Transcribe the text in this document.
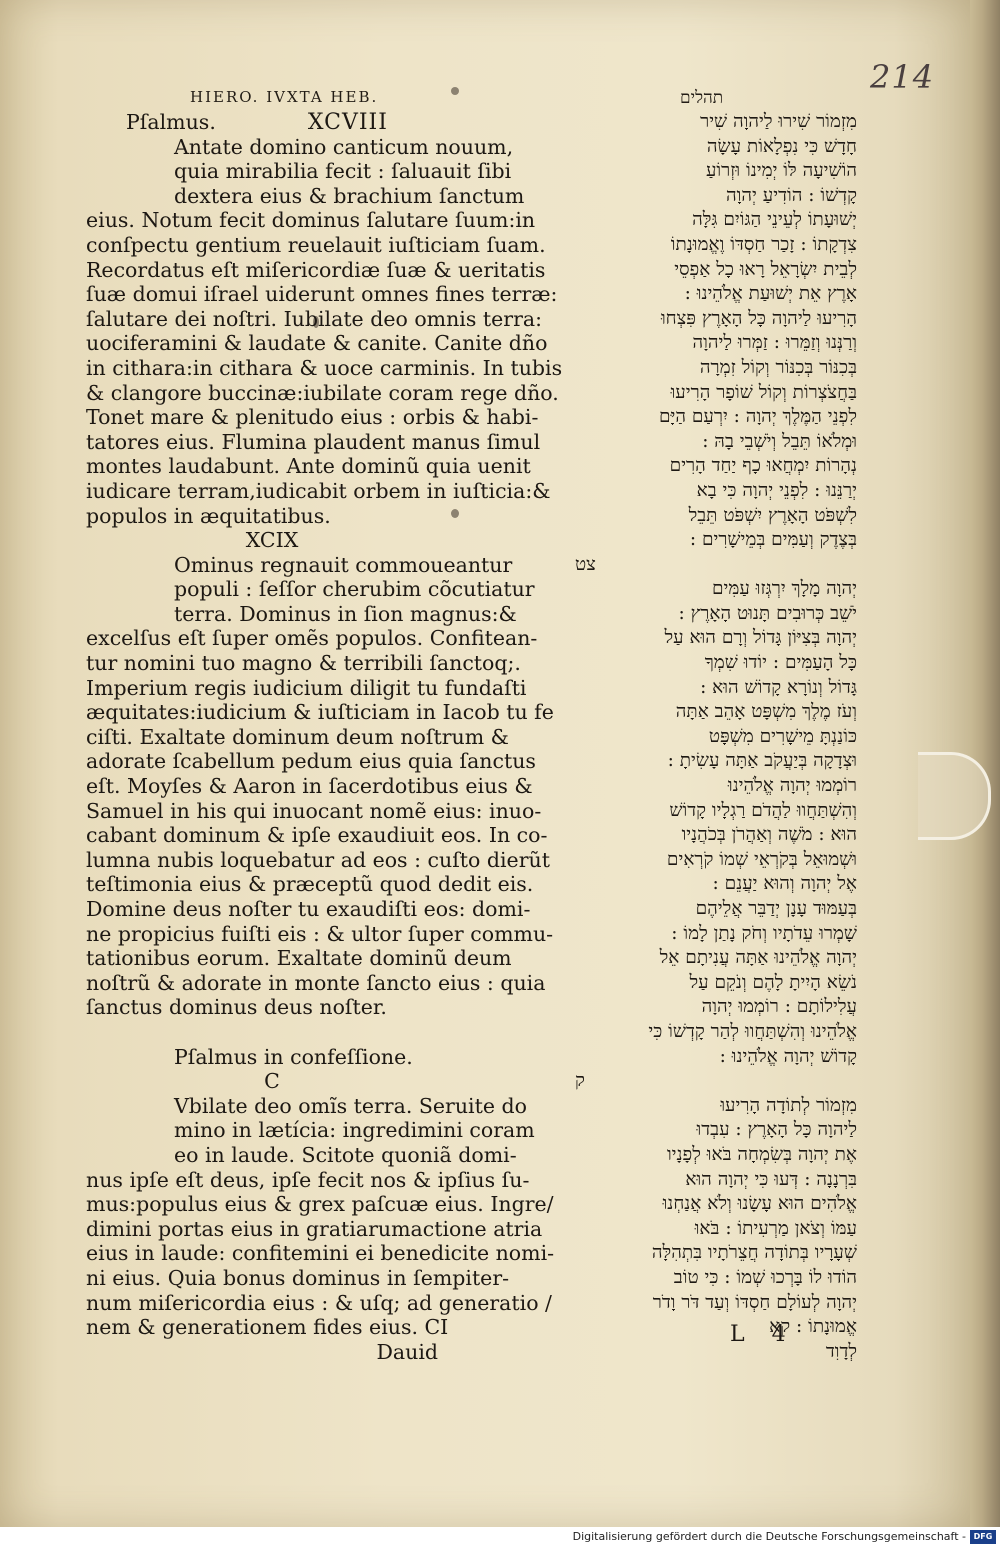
214
HIERO. IVXTA HEB.	תהלים
Pſalmus.	XCVIII
Antate domino canticum nouum,
quia mirabilia fecit : ſaluauit ſibi
dextera eius & brachium ſanctum
eius. Notum fecit dominus ſalutare ſuum:in
conſpectu gentium reuelauit iuſticiam ſuam.
Recordatus eſt miſericordiæ ſuæ & ueritatis
ſuæ domui iſrael uiderunt omnes fines terræ:
ſalutare dei noſtri. Iubilate deo omnis terra:
uociferamini & laudate & canite. Canite dño
in cithara:in cithara & uoce carminis. In tubis
& clangore buccinæ:iubilate coram rege dño.
Tonet mare & plenitudo eius : orbis & habi-
tatores eius. Flumina plaudent manus ſimul
montes laudabunt. Ante dominũ quia uenit
iudicare terram,iudicabit orbem in iuſticia:&
populos in æquitatibus.
XCIX
Ominus regnauit commoueantur
populi : ſeſſor cherubim cõcutiatur
terra. Dominus in ſion magnus:&
excelſus eſt ſuper omẽs populos. Confitean-
tur nomini tuo magno & terribili ſanctoq;.
Imperium regis iudicium diligit tu fundaſti
æquitates:iudicium & iuſticiam in Iacob tu fe
ciſti. Exaltate dominum deum noſtrum &
adorate ſcabellum pedum eius quia ſanctus
eſt. Moyſes & Aaron in ſacerdotibus eius &
Samuel in his qui inuocant nomẽ eius: inuo-
cabant dominum & ipſe exaudiuit eos. In co-
lumna nubis loquebatur ad eos : cuſto dierũt
teſtimonia eius & præceptũ quod dedit eis.
Domine deus noſter tu exaudiſti eos: domi-
ne propicius fuiſti eis : & ultor ſuper commu-
tationibus eorum. Exaltate dominũ deum
noſtrũ & adorate in monte ſancto eius : quia
ſanctus dominus deus noſter.
Pſalmus in confeſſione.
C
Vbilate deo omĩs terra. Seruite do
mino in lætícia: ingredimini coram
eo in laude. Scitote quoniã domi-
nus ipſe eſt deus, ipſe fecit nos & ipſius ſu-
mus:populus eius & grex paſcuæ eius. Ingre/
dimini portas eius in gratiarumactione atria
eius in laude: confitemini ei benedicite nomi-
ni eius. Quia bonus dominus in ſempiter-
num miſericordia eius : & uſq; ad generatio /
nem & generationem fides eius. CI
Dauid
מִזְמוֹר שִׁירוּ לַיהוָה שִׁיר
חָדָשׁ כִּי נִפְלָאוֹת עָשָׂה
הוֹשִׁיעָה לּוֹ יְמִינוֹ וּזְרוֹעַ
קָדְשׁוֹ : הוֹדִיעַ יְהוָה
יְשׁוּעָתוֹ לְעֵינֵי הַגּוֹיִם גִּלָּה
צִדְקָתוֹ : זָכַר חַסְדּוֹ וֶאֱמוּנָתוֹ
לְבֵית יִשְׂרָאֵל רָאוּ כָל אַפְסֵי
אָרֶץ אֵת יְשׁוּעַת אֱלֹהֵינוּ :
הָרִיעוּ לַיהוָה כָּל הָאָרֶץ פִּצְחוּ
וְרַנְּנוּ וְזַמֵּרוּ : זַמְּרוּ לַיהוָה
בְּכִנּוֹר בְּכִנּוֹר וְקוֹל זִמְרָה
בַּחֲצֹצְרוֹת וְקוֹל שׁוֹפָר הָרִיעוּ
לִפְנֵי הַמֶּלֶךְ יְהוָה : יִרְעַם הַיָּם
וּמְלֹאוֹ תֵּבֵל וְיֹשְׁבֵי בָהּ :
נְהָרוֹת יִמְחֲאוּ כָף יַחַד הָרִים
יְרַנֵּנוּ : לִפְנֵי יְהוָה כִּי בָא
לִשְׁפֹּט הָאָרֶץ יִשְׁפֹּט תֵּבֵל
בְּצֶדֶק וְעַמִּים בְּמֵישָׁרִים :
צט
יְהוָה מָלָךְ יִרְגְּזוּ עַמִּים
יֹשֵׁב כְּרוּבִים תָּנוּט הָאָרֶץ :
יְהוָה בְּצִיּוֹן גָּדוֹל וְרָם הוּא עַל
כָּל הָעַמִּים : יוֹדוּ שִׁמְךָ
גָּדוֹל וְנוֹרָא קָדוֹשׁ הוּא :
וְעֹז מֶלֶךְ מִשְׁפָּט אָהֵב אַתָּה
כּוֹנַנְתָּ מֵישָׁרִים מִשְׁפָּט
וּצְדָקָה בְּיַעֲקֹב אַתָּה עָשִׂיתָ :
רוֹמְמוּ יְהוָה אֱלֹהֵינוּ
וְהִשְׁתַּחֲווּ לַהֲדֹם רַגְלָיו קָדוֹשׁ
הוּא : מֹשֶׁה וְאַהֲרֹן בְּכֹהֲנָיו
וּשְׁמוּאֵל בְּקֹרְאֵי שְׁמוֹ קֹרְאִים
אֶל יְהוָה וְהוּא יַעֲנֵם :
בְּעַמּוּד עָנָן יְדַבֵּר אֲלֵיהֶם
שָׁמְרוּ עֵדֹתָיו וְחֹק נָתַן לָמוֹ :
יְהוָה אֱלֹהֵינוּ אַתָּה עֲנִיתָם אֵל
נֹשֵׂא הָיִיתָ לָהֶם וְנֹקֵם עַל
עֲלִילוֹתָם : רוֹמְמוּ יְהוָה
אֱלֹהֵינוּ וְהִשְׁתַּחֲווּ לְהַר קָדְשׁוֹ כִּי
קָדוֹשׁ יְהוָה אֱלֹהֵינוּ :
ק
מִזְמוֹר לְתוֹדָה הָרִיעוּ
לַיהוָה כָּל הָאָרֶץ : עִבְדוּ
אֶת יְהוָה בְּשִׂמְחָה בֹּאוּ לְפָנָיו
בִּרְנָנָה : דְּעוּ כִּי יְהוָה הוּא
אֱלֹהִים הוּא עָשָׂנוּ וְלֹא אֲנַחְנוּ
עַמּוֹ וְצֹאן מַרְעִיתוֹ : בֹּאוּ
שְׁעָרָיו בְּתוֹדָה חֲצֵרֹתָיו בִּתְהִלָּה
הוֹדוּ לוֹ בָּרְכוּ שְׁמוֹ : כִּי טוֹב
יְהוָה לְעוֹלָם חַסְדּוֹ וְעַד דֹּר וָדֹר
אֱמוּנָתוֹ : קא
לְדָוִד
L 4
Digitalisierung gefördert durch die Deutsche Forschungsgemeinschaft - DFG
